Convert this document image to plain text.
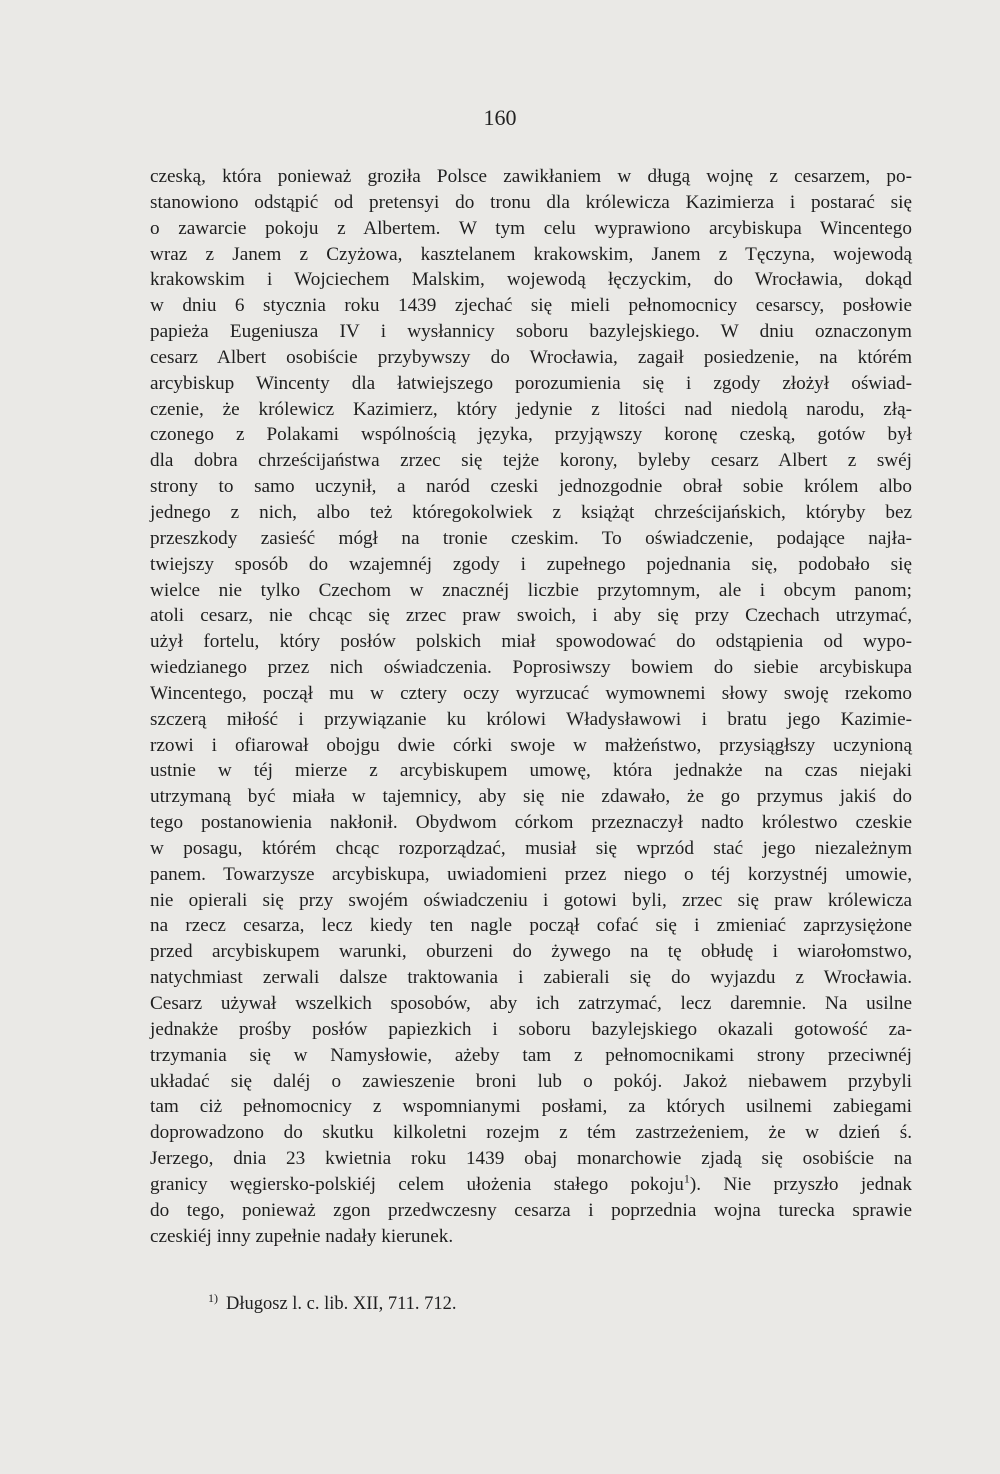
160
czeską, która ponieważ groziła Polsce zawikłaniem w długą wojnę z cesarzem, po-
stanowiono odstąpić od pretensyi do tronu dla królewicza Kazimierza i postarać się
o zawarcie pokoju z Albertem. W tym celu wyprawiono arcybiskupa Wincentego
wraz z Janem z Czyżowa, kasztelanem krakowskim, Janem z Tęczyna, wojewodą
krakowskim i Wojciechem Malskim, wojewodą łęczyckim, do Wrocławia, dokąd
w dniu 6 stycznia roku 1439 zjechać się mieli pełnomocnicy cesarscy, posłowie
papieża Eugeniusza IV i wysłannicy soboru bazylejskiego. W dniu oznaczonym
cesarz Albert osobiście przybywszy do Wrocławia, zagaił posiedzenie, na którém
arcybiskup Wincenty dla łatwiejszego porozumienia się i zgody złożył oświad-
czenie, że królewicz Kazimierz, który jedynie z litości nad niedolą narodu, złą-
czonego z Polakami wspólnością języka, przyjąwszy koronę czeską, gotów był
dla dobra chrześcijaństwa zrzec się tejże korony, byleby cesarz Albert z swéj
strony to samo uczynił, a naród czeski jednozgodnie obrał sobie królem albo
jednego z nich, albo też któregokolwiek z książąt chrześcijańskich, któryby bez
przeszkody zasieść mógł na tronie czeskim. To oświadczenie, podające najła-
twiejszy sposób do wzajemnéj zgody i zupełnego pojednania się, podobało się
wielce nie tylko Czechom w znacznéj liczbie przytomnym, ale i obcym panom;
atoli cesarz, nie chcąc się zrzec praw swoich, i aby się przy Czechach utrzymać,
użył fortelu, który posłów polskich miał spowodować do odstąpienia od wypo-
wiedzianego przez nich oświadczenia. Poprosiwszy bowiem do siebie arcybiskupa
Wincentego, począł mu w cztery oczy wyrzucać wymownemi słowy swoję rzekomo
szczerą miłość i przywiązanie ku królowi Władysławowi i bratu jego Kazimie-
rzowi i ofiarował obojgu dwie córki swoje w małżeństwo, przysiągłszy uczynioną
ustnie w téj mierze z arcybiskupem umowę, która jednakże na czas niejaki
utrzymaną być miała w tajemnicy, aby się nie zdawało, że go przymus jakiś do
tego postanowienia nakłonił. Obydwom córkom przeznaczył nadto królestwo czeskie
w posagu, którém chcąc rozporządzać, musiał się wprzód stać jego niezależnym
panem. Towarzysze arcybiskupa, uwiadomieni przez niego o téj korzystnéj umowie,
nie opierali się przy swojém oświadczeniu i gotowi byli, zrzec się praw królewicza
na rzecz cesarza, lecz kiedy ten nagle począł cofać się i zmieniać zaprzysiężone
przed arcybiskupem warunki, oburzeni do żywego na tę obłudę i wiarołomstwo,
natychmiast zerwali dalsze traktowania i zabierali się do wyjazdu z Wrocławia.
Cesarz używał wszelkich sposobów, aby ich zatrzymać, lecz daremnie. Na usilne
jednakże prośby posłów papiezkich i soboru bazylejskiego okazali gotowość za-
trzymania się w Namysłowie, ażeby tam z pełnomocnikami strony przeciwnéj
układać się daléj o zawieszenie broni lub o pokój. Jakoż niebawem przybyli
tam ciż pełnomocnicy z wspomnianymi posłami, za których usilnemi zabiegami
doprowadzono do skutku kilkoletni rozejm z tém zastrzeżeniem, że w dzień ś.
Jerzego, dnia 23 kwietnia roku 1439 obaj monarchowie zjadą się osobiście na
granicy węgiersko-polskiéj celem ułożenia stałego pokoju$^1$). Nie przyszło jednak
do tego, ponieważ zgon przedwczesny cesarza i poprzednia wojna turecka sprawie
czeskiéj inny zupełnie nadały kierunek.
$^{1)}$ Długosz l. c. lib. XII, 711. 712.
